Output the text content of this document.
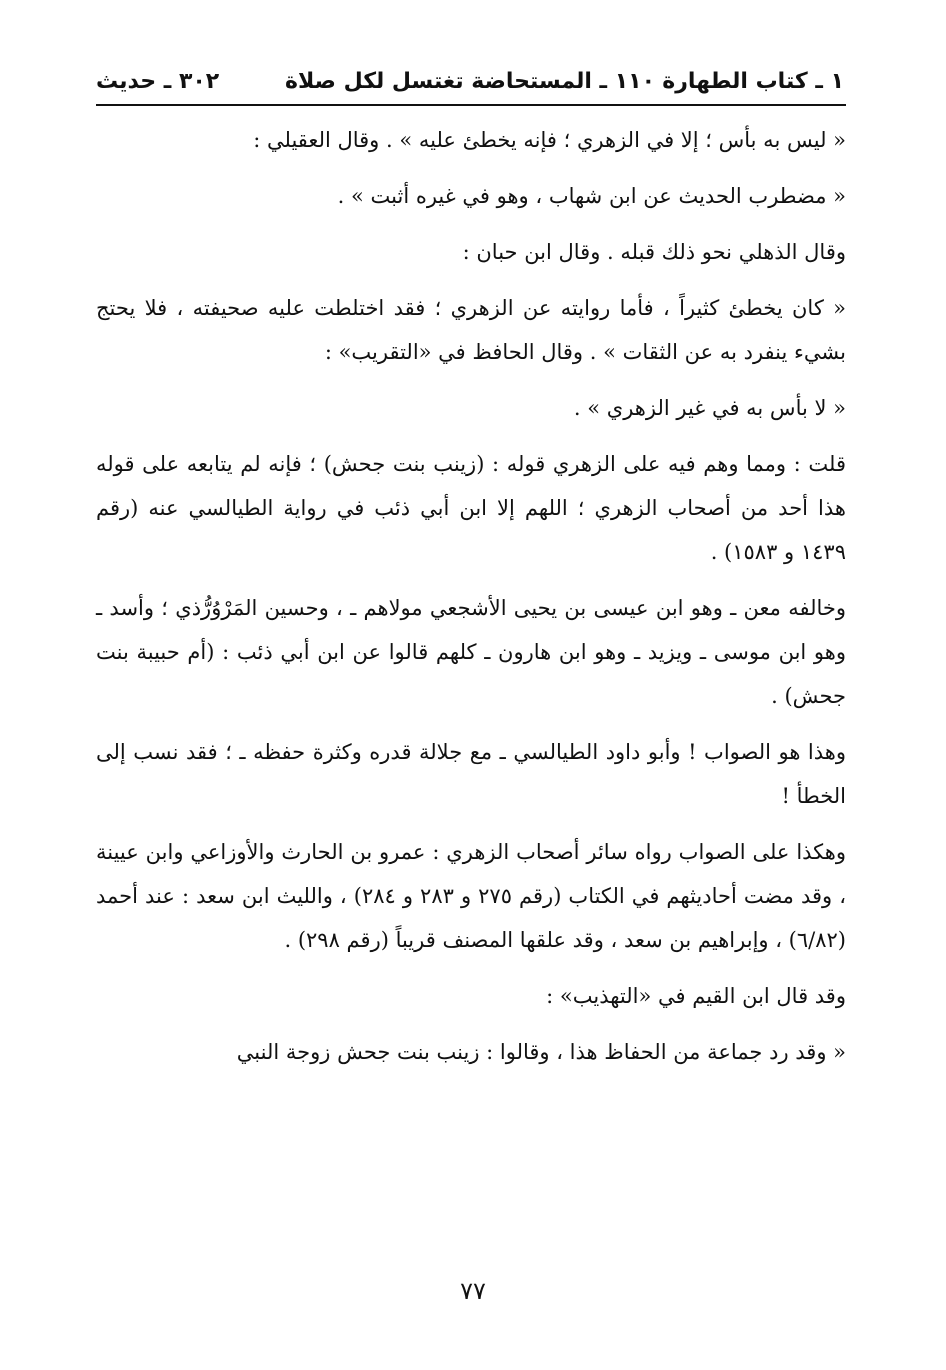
١ ـ كتاب الطهارة
١١٠ ـ المستحاضة تغتسل لكل صلاة
٣٠٢ ـ حديث

« ليس به بأس ؛ إلا في الزهري ؛ فإنه يخطئ عليه » . وقال العقيلي :

« مضطرب الحديث عن ابن شهاب ، وهو في غيره أثبت » .

وقال الذهلي نحو ذلك قبله . وقال ابن حبان :

« كان يخطئ كثيراً ، فأما روايته عن الزهري ؛ فقد اختلطت عليه صحيفته ، فلا يحتج بشيء ينفرد به عن الثقات » . وقال الحافظ في «التقريب» :

« لا بأس به في غير الزهري » .

قلت : ومما وهم فيه على الزهري قوله : (زينب بنت جحش) ؛ فإنه لم يتابعه على قوله هذا أحد من أصحاب الزهري ؛ اللهم إلا ابن أبي ذئب في رواية الطيالسي عنه (رقم ١٤٣٩ و ١٥٨٣) .

وخالفه معن ـ وهو ابن عيسى بن يحيى الأشجعي مولاهم ـ ، وحسين المَرْوُرُّذي ؛ وأسد ـ وهو ابن موسى ـ ويزيد ـ وهو ابن هارون ـ كلهم قالوا عن ابن أبي ذئب : (أم حبيبة بنت جحش) .

وهذا هو الصواب ! وأبو داود الطيالسي ـ مع جلالة قدره وكثرة حفظه ـ ؛ فقد نسب إلى الخطأ !

وهكذا على الصواب رواه سائر أصحاب الزهري : عمرو بن الحارث والأوزاعي وابن عيينة ، وقد مضت أحاديثهم في الكتاب (رقم ٢٧٥ و ٢٨٣ و ٢٨٤) ، والليث ابن سعد : عند أحمد (٦/٨٢) ، وإبراهيم بن سعد ، وقد علقها المصنف قريباً (رقم ٢٩٨) .

وقد قال ابن القيم في «التهذيب» :

« وقد رد جماعة من الحفاظ هذا ، وقالوا : زينب بنت جحش زوجة النبي

٧٧
